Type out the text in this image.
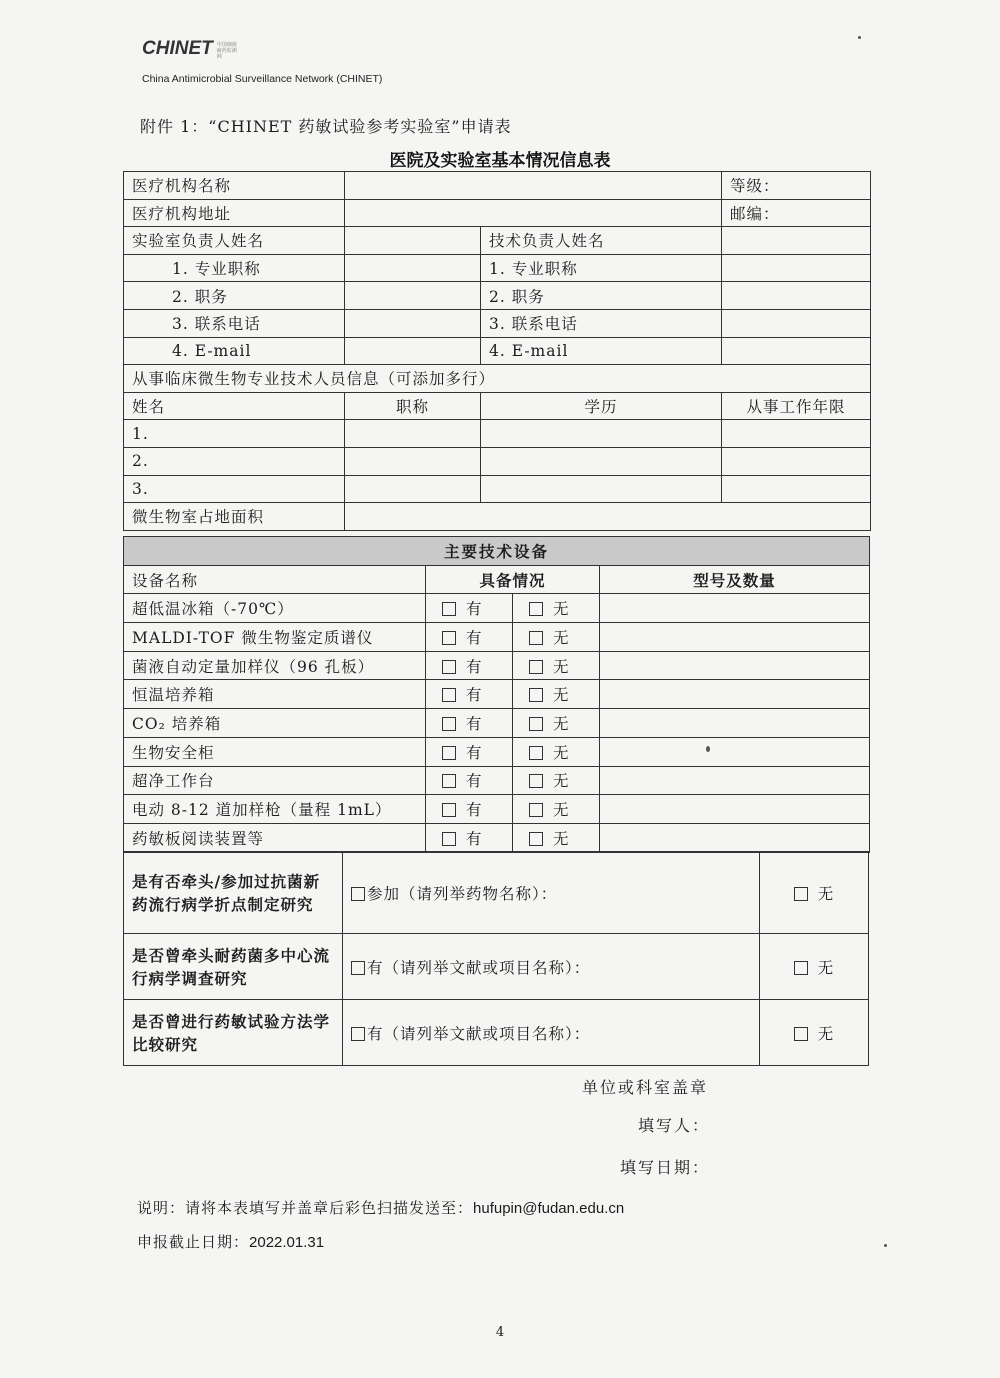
CHINET 中国细菌耐药监测网
China Antimicrobial Surveillance Network (CHINET)
附件 1：“CHINET 药敏试验参考实验室”申请表
医院及实验室基本情况信息表
医疗机构名称			等级：
医疗机构地址			邮编：
实验室负责人姓名		技术负责人姓名	
1. 专业职称		1. 专业职称	
2. 职务		2. 职务	
3. 联系电话		3. 联系电话	
4. E-mail		4. E-mail	
从事临床微生物专业技术人员信息（可添加多行）			
姓名	职称	学历	从事工作年限
1.			
2.			
3.			
微生物室占地面积			
主要技术设备			
设备名称	具备情况		型号及数量
超低温冰箱（-70℃）	有	无	
MALDI-TOF 微生物鉴定质谱仪	有	无	
菌液自动定量加样仪（96 孔板）	有	无	
恒温培养箱	有	无	
CO₂ 培养箱	有	无	
生物安全柜	有	无	
超净工作台	有	无	
电动 8-12 道加样枪（量程 1mL）	有	无	
药敏板阅读装置等	有	无	
是有否牵头/参加过抗菌新药流行病学折点制定研究	参加（请列举药物名称）：	无
是否曾牵头耐药菌多中心流行病学调查研究	有（请列举文献或项目名称）：	无
是否曾进行药敏试验方法学比较研究	有（请列举文献或项目名称）：	无
单位或科室盖章
填写人：
填写日期：
说明：请将本表填写并盖章后彩色扫描发送至：hufupin@fudan.edu.cn
申报截止日期：2022.01.31
4
